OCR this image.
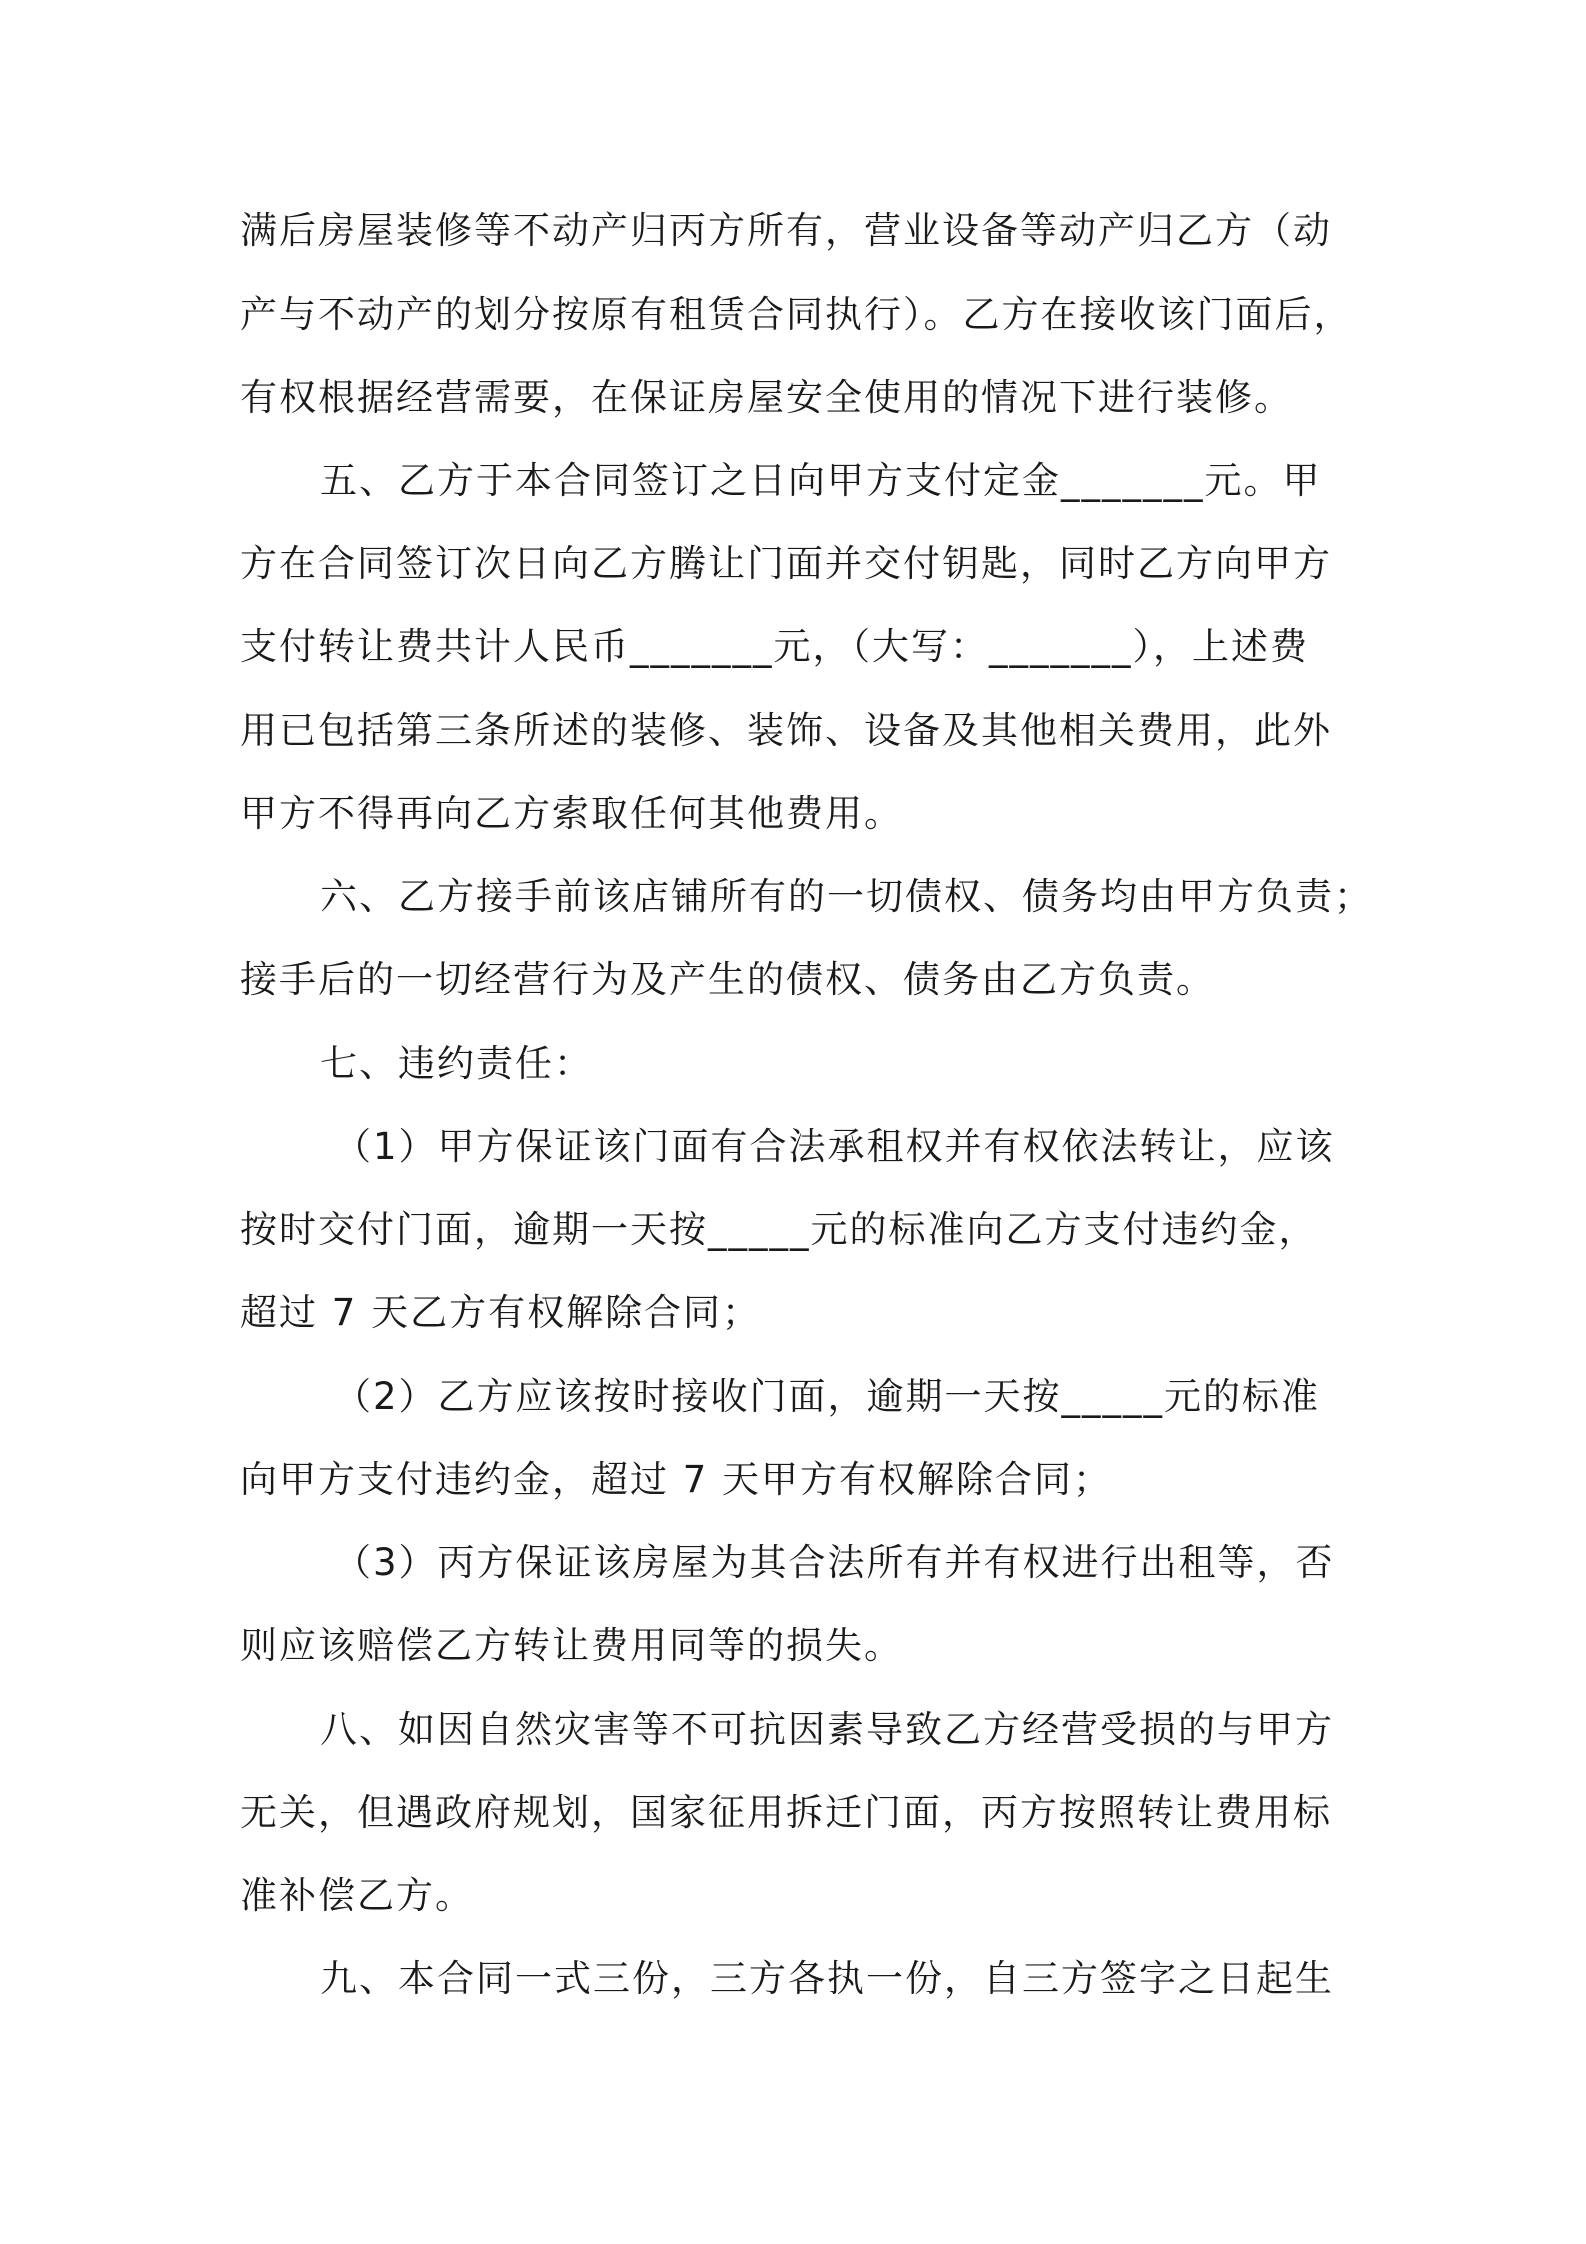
满后房屋装修等不动产归丙方所有，营业设备等动产归乙方（动
产与不动产的划分按原有租赁合同执行）。乙方在接收该门面后，
有权根据经营需要，在保证房屋安全使用的情况下进行装修。
五、乙方于本合同签订之日向甲方支付定金_______元。甲
方在合同签订次日向乙方腾让门面并交付钥匙，同时乙方向甲方
支付转让费共计人民币_______元，（大写：_______），上述费
用已包括第三条所述的装修、装饰、设备及其他相关费用，此外
甲方不得再向乙方索取任何其他费用。
六、乙方接手前该店铺所有的一切债权、债务均由甲方负责；
接手后的一切经营行为及产生的债权、债务由乙方负责。
七、违约责任：
（1）甲方保证该门面有合法承租权并有权依法转让，应该
按时交付门面，逾期一天按_____元的标准向乙方支付违约金，
超过 7 天乙方有权解除合同；
（2）乙方应该按时接收门面，逾期一天按_____元的标准
向甲方支付违约金，超过 7 天甲方有权解除合同；
（3）丙方保证该房屋为其合法所有并有权进行出租等，否
则应该赔偿乙方转让费用同等的损失。
八、如因自然灾害等不可抗因素导致乙方经营受损的与甲方
无关，但遇政府规划，国家征用拆迁门面，丙方按照转让费用标
准补偿乙方。
九、本合同一式三份，三方各执一份，自三方签字之日起生
